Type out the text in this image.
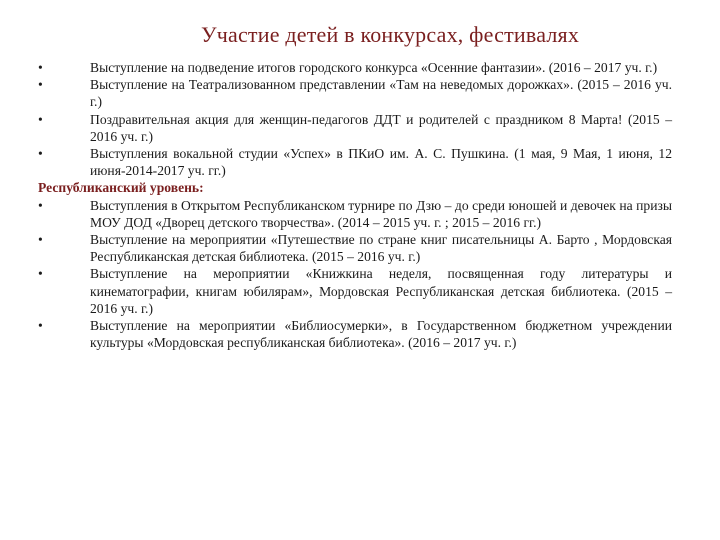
Участие детей в конкурсах, фестивалях
•	Выступление на подведение итогов городского конкурса «Осенние фантазии». (2016 – 2017 уч. г.)
•	Выступление на Театрализованном представлении «Там на неведомых дорожках». (2015 – 2016 уч. г.)
•	Поздравительная акция для женщин-педагогов ДДТ и родителей с праздником 8 Марта! (2015 – 2016 уч. г.)
•	Выступления вокальной студии «Успех» в ПКиО им. А. С. Пушкина. (1 мая, 9 Мая, 1 июня, 12 июня-2014-2017 уч. гг.)
Республиканский уровень:
•	Выступления в Открытом Республиканском турнире по Дзю – до среди юношей и девочек на призы МОУ ДОД «Дворец детского творчества». (2014 – 2015 уч. г. ; 2015 – 2016 гг.)
•	Выступление на мероприятии «Путешествие по стране книг писательницы А. Барто , Мордовская Республиканская детская библиотека. (2015 – 2016 уч. г.)
•	Выступление на мероприятии «Книжкина неделя, посвященная году литературы и кинематографии, книгам юбилярам», Мордовская Республиканская детская библиотека. (2015 – 2016 уч. г.)
•	Выступление на мероприятии «Библиосумерки», в Государственном бюджетном учреждении культуры «Мордовская республиканская библиотека». (2016 – 2017 уч. г.)
